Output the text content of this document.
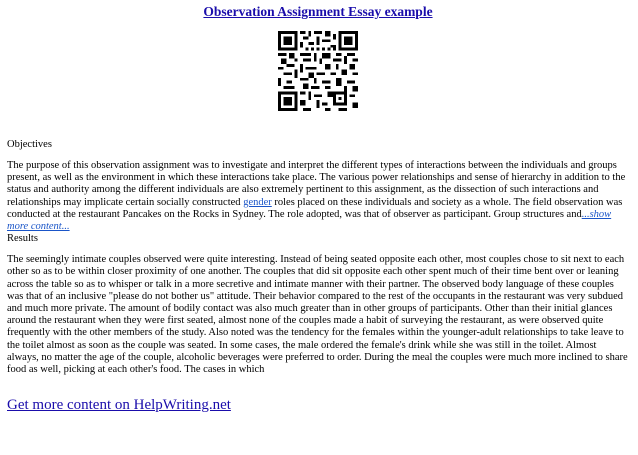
Observation Assignment Essay example
Objectives

The purpose of this observation assignment was to investigate and interpret the different types of interactions between the individuals and groups present, as well as the environment in which these interactions take place. The various power relationships and sense of hierarchy in addition to the status and authority among the different individuals are also extremely pertinent to this assignment, as the dissection of such interactions and relationships may implicate certain socially constructed gender roles placed on these individuals and society as a whole. The field observation was conducted at the restaurant Pancakes on the Rocks in Sydney. The role adopted, was that of observer as participant. Group structures and...show more content...

Results

The seemingly intimate couples observed were quite interesting. Instead of being seated opposite each other, most couples chose to sit next to each other so as to be within closer proximity of one another. The couples that did sit opposite each other spent much of their time bent over or leaning across the table so as to whisper or talk in a more secretive and intimate manner with their partner. The observed body language of these couples was that of an inclusive "please do not bother us" attitude. Their behavior compared to the rest of the occupants in the restaurant was very subdued and much more private. The amount of bodily contact was also much greater than in other groups of participants. Other than their initial glances around the restaurant when they were first seated, almost none of the couples made a habit of surveying the restaurant, as were observed quite frequently with the other members of the study. Also noted was the tendency for the females within the younger-adult relationships to take leave to the toilet almost as soon as the couple was seated. In some cases, the male ordered the female's drink while she was still in the toilet. Almost always, no matter the age of the couple, alcoholic beverages were preferred to order. During the meal the couples were much more inclined to share food as well, picking at each other's food. The cases in which

Get more content on HelpWriting.net
